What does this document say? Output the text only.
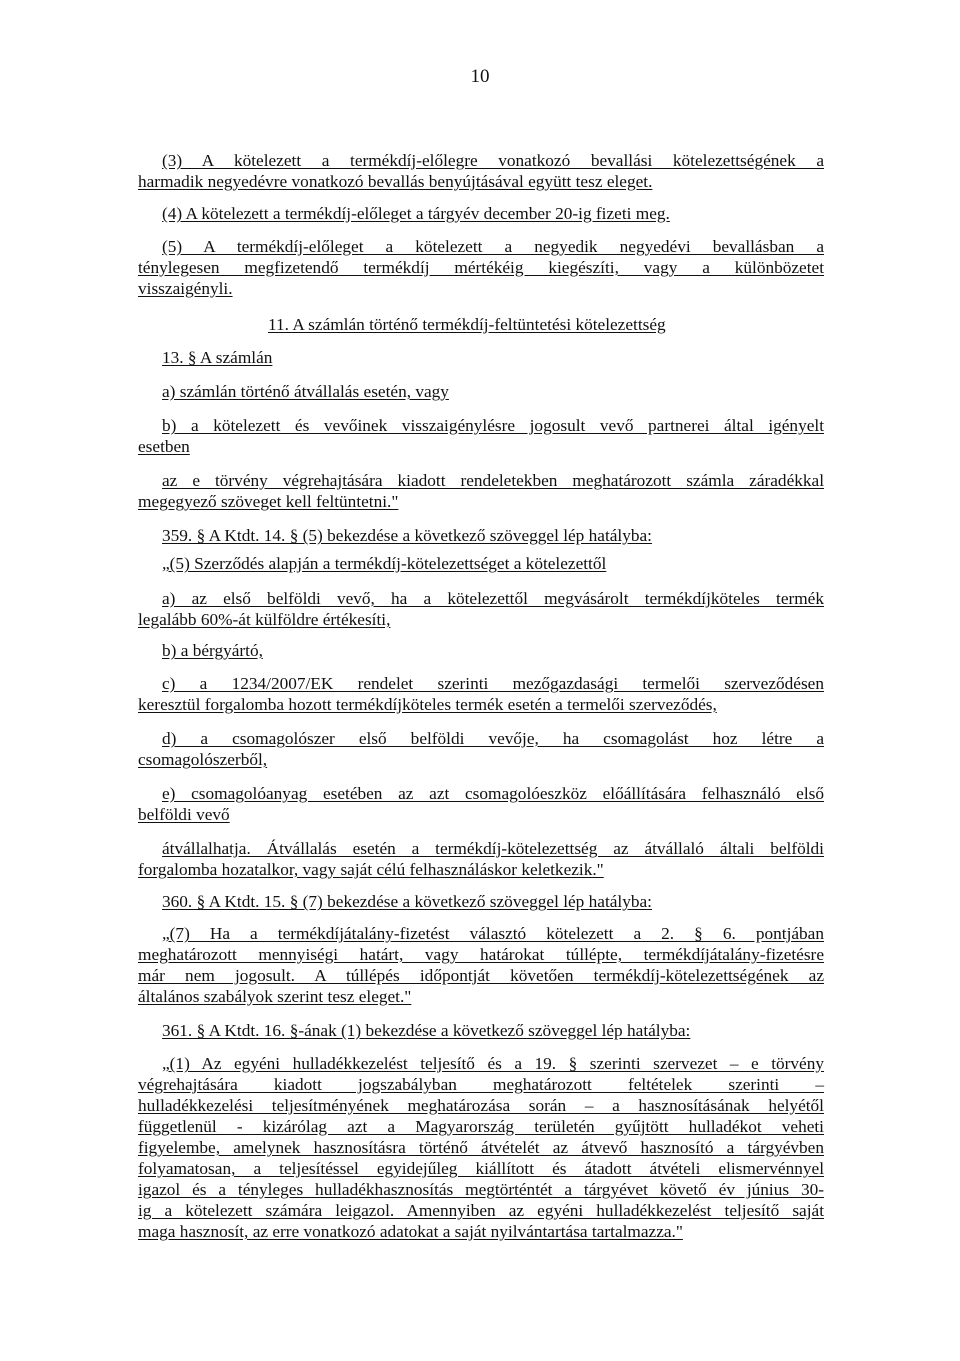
10
(3) A kötelezett a termékdíj-előlegre vonatkozó bevallási kötelezettségének a
harmadik negyedévre vonatkozó bevallás benyújtásával együtt tesz eleget.
(4) A kötelezett a termékdíj-előleget a tárgyév december 20-ig fizeti meg.
(5) A termékdíj-előleget a kötelezett a negyedik negyedévi bevallásban a
ténylegesen megfizetendő termékdíj mértékéig kiegészíti, vagy a különbözetet
visszaigényli.
11. A számlán történő termékdíj-feltüntetési kötelezettség
13. § A számlán
a) számlán történő átvállalás esetén, vagy
b) a kötelezett és vevőinek visszaigénylésre jogosult vevő partnerei által igényelt
esetben
az e törvény végrehajtására kiadott rendeletekben meghatározott számla záradékkal
megegyező szöveget kell feltüntetni."
359. § A Ktdt. 14. § (5) bekezdése a következő szöveggel lép hatályba:
„(5) Szerződés alapján a termékdíj-kötelezettséget a kötelezettől
a) az első belföldi vevő, ha a kötelezettől megvásárolt termékdíjköteles termék
legalább 60%-át külföldre értékesíti,
b) a bérgyártó,
c) a 1234/2007/EK rendelet szerinti mezőgazdasági termelői szerveződésen
keresztül forgalomba hozott termékdíjköteles termék esetén a termelői szerveződés,
d) a csomagolószer első belföldi vevője, ha csomagolást hoz létre a
csomagolószerből,
e) csomagolóanyag esetében az azt csomagolóeszköz előállítására felhasználó első
belföldi vevő
átvállalhatja. Átvállalás esetén a termékdíj-kötelezettség az átvállaló általi belföldi
forgalomba hozatalkor, vagy saját célú felhasználáskor keletkezik."
360. § A Ktdt. 15. § (7) bekezdése a következő szöveggel lép hatályba:
„(7) Ha a termékdíjátalány-fizetést választó kötelezett a 2. § 6. pontjában
meghatározott mennyiségi határt, vagy határokat túllépte, termékdíjátalány-fizetésre
már nem jogosult. A túllépés időpontját követően termékdíj-kötelezettségének az
általános szabályok szerint tesz eleget."
361. § A Ktdt. 16. §-ának (1) bekezdése a következő szöveggel lép hatályba:
„(1) Az egyéni hulladékkezelést teljesítő és a 19. § szerinti szervezet – e törvény
végrehajtására kiadott jogszabályban meghatározott feltételek szerinti –
hulladékkezelési teljesítményének meghatározása során – a hasznosításának helyétől
függetlenül - kizárólag azt a Magyarország területén gyűjtött hulladékot veheti
figyelembe, amelynek hasznosításra történő átvételét az átvevő hasznosító a tárgyévben
folyamatosan, a teljesítéssel egyidejűleg kiállított és átadott átvételi elismervénnyel
igazol és a tényleges hulladékhasznosítás megtörténtét a tárgyévet követő év június 30-
ig a kötelezett számára leigazol. Amennyiben az egyéni hulladékkezelést teljesítő saját
maga hasznosít, az erre vonatkozó adatokat a saját nyilvántartása tartalmazza."
